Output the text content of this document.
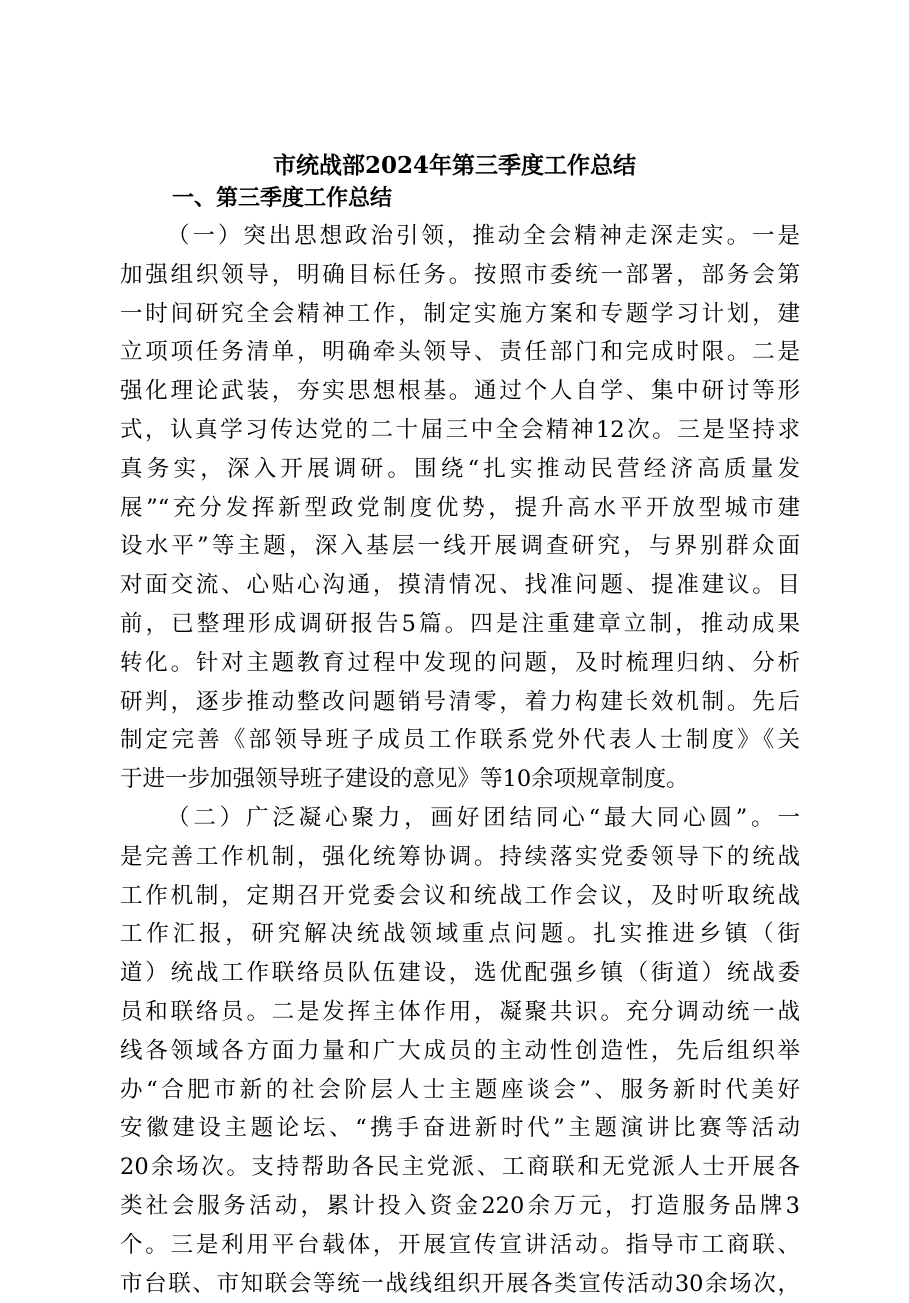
市统战部2024年第三季度工作总结
一、第三季度工作总结
（一）突出思想政治引领，推动全会精神走深走实。一是
加强组织领导，明确目标任务。按照市委统一部署，部务会第
一时间研究全会精神工作，制定实施方案和专题学习计划，建
立项项任务清单，明确牵头领导、责任部门和完成时限。二是
强化理论武装，夯实思想根基。通过个人自学、集中研讨等形
式，认真学习传达党的二十届三中全会精神12次。三是坚持求
真务实，深入开展调研。围绕“扎实推动民营经济高质量发
展”“充分发挥新型政党制度优势，提升高水平开放型城市建
设水平”等主题，深入基层一线开展调查研究，与界别群众面
对面交流、心贴心沟通，摸清情况、找准问题、提准建议。目
前，已整理形成调研报告5篇。四是注重建章立制，推动成果
转化。针对主题教育过程中发现的问题，及时梳理归纳、分析
研判，逐步推动整改问题销号清零，着力构建长效机制。先后
制定完善《部领导班子成员工作联系党外代表人士制度》《关
于进一步加强领导班子建设的意见》等10余项规章制度。
（二）广泛凝心聚力，画好团结同心“最大同心圆”。一
是完善工作机制，强化统筹协调。持续落实党委领导下的统战
工作机制，定期召开党委会议和统战工作会议，及时听取统战
工作汇报，研究解决统战领域重点问题。扎实推进乡镇（街
道）统战工作联络员队伍建设，选优配强乡镇（街道）统战委
员和联络员。二是发挥主体作用，凝聚共识。充分调动统一战
线各领域各方面力量和广大成员的主动性创造性，先后组织举
办“合肥市新的社会阶层人士主题座谈会”、服务新时代美好
安徽建设主题论坛、“携手奋进新时代”主题演讲比赛等活动
20余场次。支持帮助各民主党派、工商联和无党派人士开展各
类社会服务活动，累计投入资金220余万元，打造服务品牌3
个。三是利用平台载体，开展宣传宣讲活动。指导市工商联、
市台联、市知联会等统一战线组织开展各类宣传活动30余场次，
